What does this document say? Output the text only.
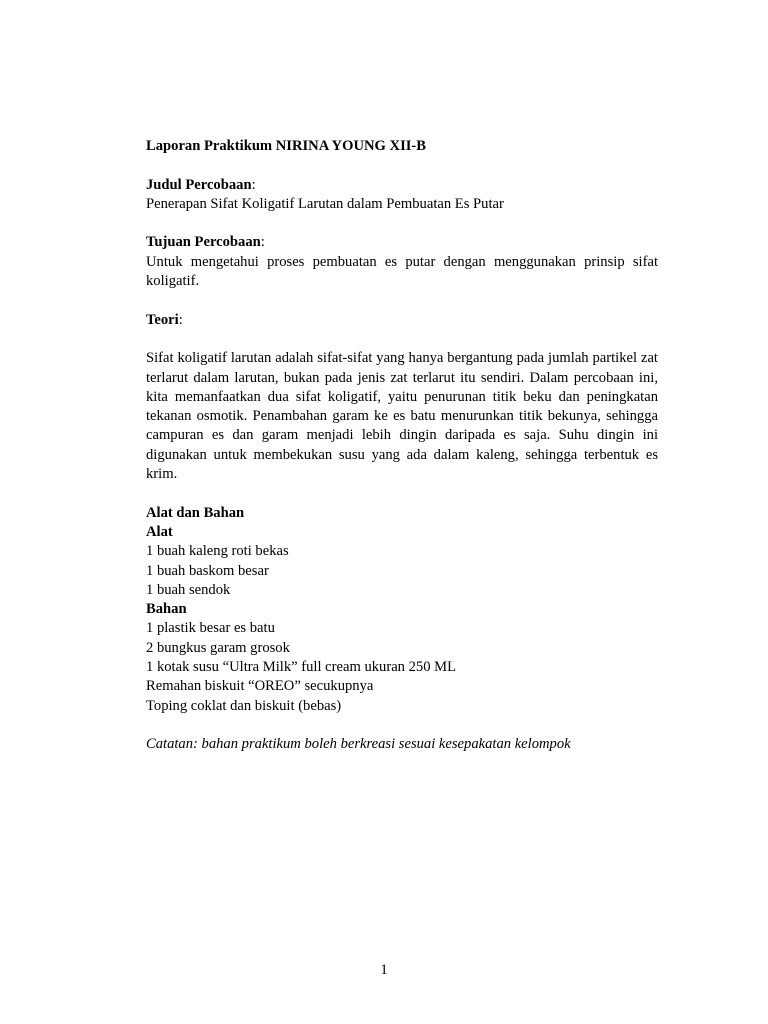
Laporan Praktikum NIRINA YOUNG XII-B
Judul Percobaan:
Penerapan Sifat Koligatif Larutan dalam Pembuatan Es Putar
Tujuan Percobaan:

Untuk mengetahui proses pembuatan es putar dengan menggunakan prinsip sifat koligatif.

Teori:

Sifat koligatif larutan adalah sifat-sifat yang hanya bergantung pada jumlah partikel zat terlarut dalam larutan, bukan pada jenis zat terlarut itu sendiri. Dalam percobaan ini, kita memanfaatkan dua sifat koligatif, yaitu penurunan titik beku dan peningkatan tekanan osmotik. Penambahan garam ke es batu menurunkan titik bekunya, sehingga campuran es dan garam menjadi lebih dingin daripada es saja. Suhu dingin ini digunakan untuk membekukan susu yang ada dalam kaleng, sehingga terbentuk es krim.

Alat dan Bahan
Alat
1 buah kaleng roti bekas
1 buah baskom besar
1 buah sendok
Bahan
1 plastik besar es batu
2 bungkus garam grosok
1 kotak susu “Ultra Milk” full cream ukuran 250 ML
Remahan biskuit “OREO” secukupnya
Toping coklat dan biskuit (bebas)
Catatan: bahan praktikum boleh berkreasi sesuai kesepakatan kelompok
1
